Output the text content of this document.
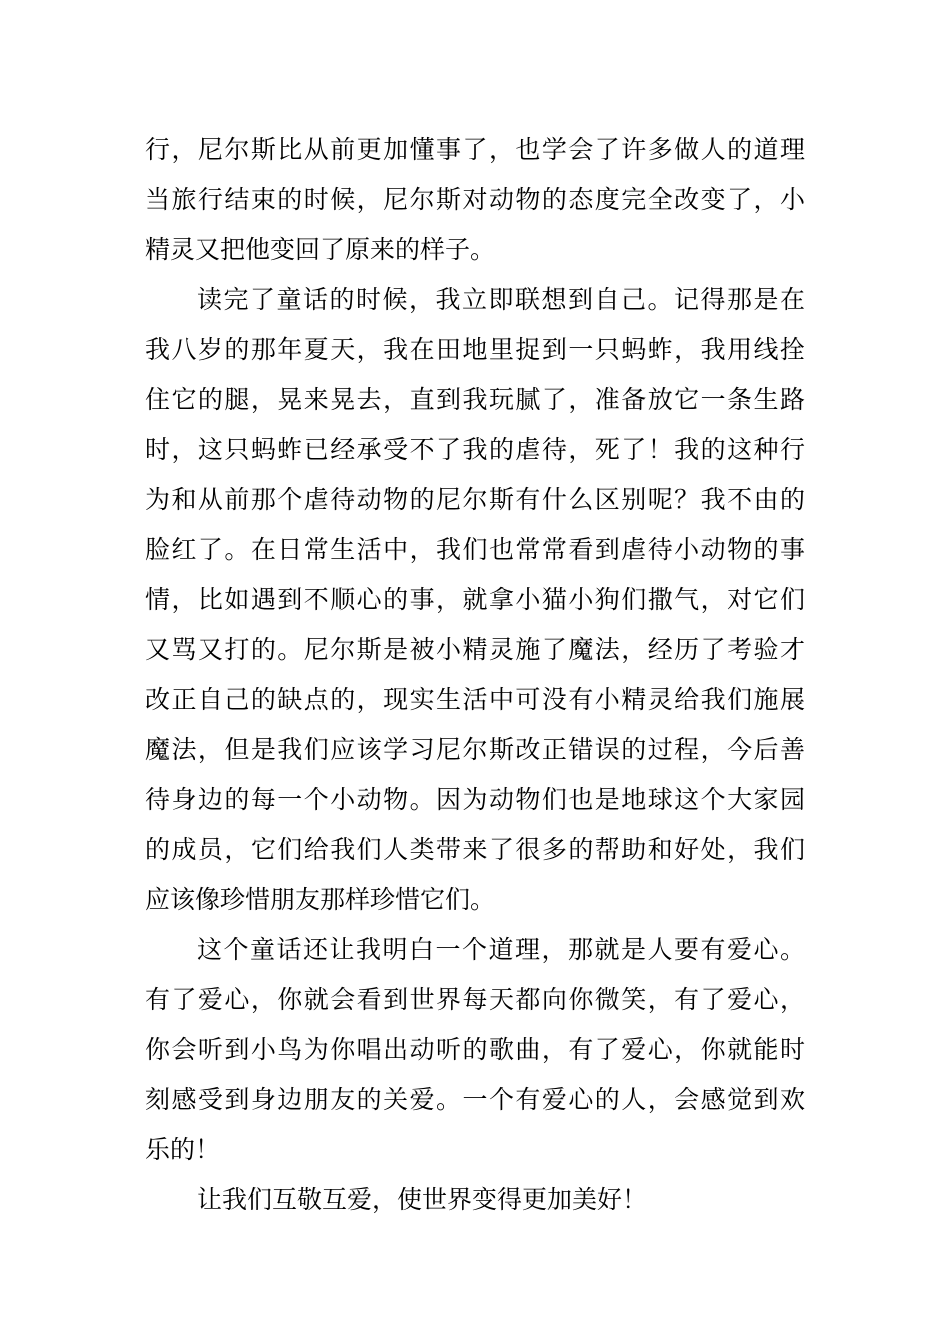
行，尼尔斯比从前更加懂事了，也学会了许多做人的道理
当旅行结束的时候，尼尔斯对动物的态度完全改变了，小
精灵又把他变回了原来的样子。
读完了童话的时候，我立即联想到自己。记得那是在
我八岁的那年夏天，我在田地里捉到一只蚂蚱，我用线拴
住它的腿，晃来晃去，直到我玩腻了，准备放它一条生路
时，这只蚂蚱已经承受不了我的虐待，死了！我的这种行
为和从前那个虐待动物的尼尔斯有什么区别呢？我不由的
脸红了。在日常生活中，我们也常常看到虐待小动物的事
情，比如遇到不顺心的事，就拿小猫小狗们撒气，对它们
又骂又打的。尼尔斯是被小精灵施了魔法，经历了考验才
改正自己的缺点的，现实生活中可没有小精灵给我们施展
魔法，但是我们应该学习尼尔斯改正错误的过程，今后善
待身边的每一个小动物。因为动物们也是地球这个大家园
的成员，它们给我们人类带来了很多的帮助和好处，我们
应该像珍惜朋友那样珍惜它们。
这个童话还让我明白一个道理，那就是人要有爱心。
有了爱心，你就会看到世界每天都向你微笑，有了爱心，
你会听到小鸟为你唱出动听的歌曲，有了爱心，你就能时
刻感受到身边朋友的关爱。一个有爱心的人，会感觉到欢
乐的！
让我们互敬互爱，使世界变得更加美好！
